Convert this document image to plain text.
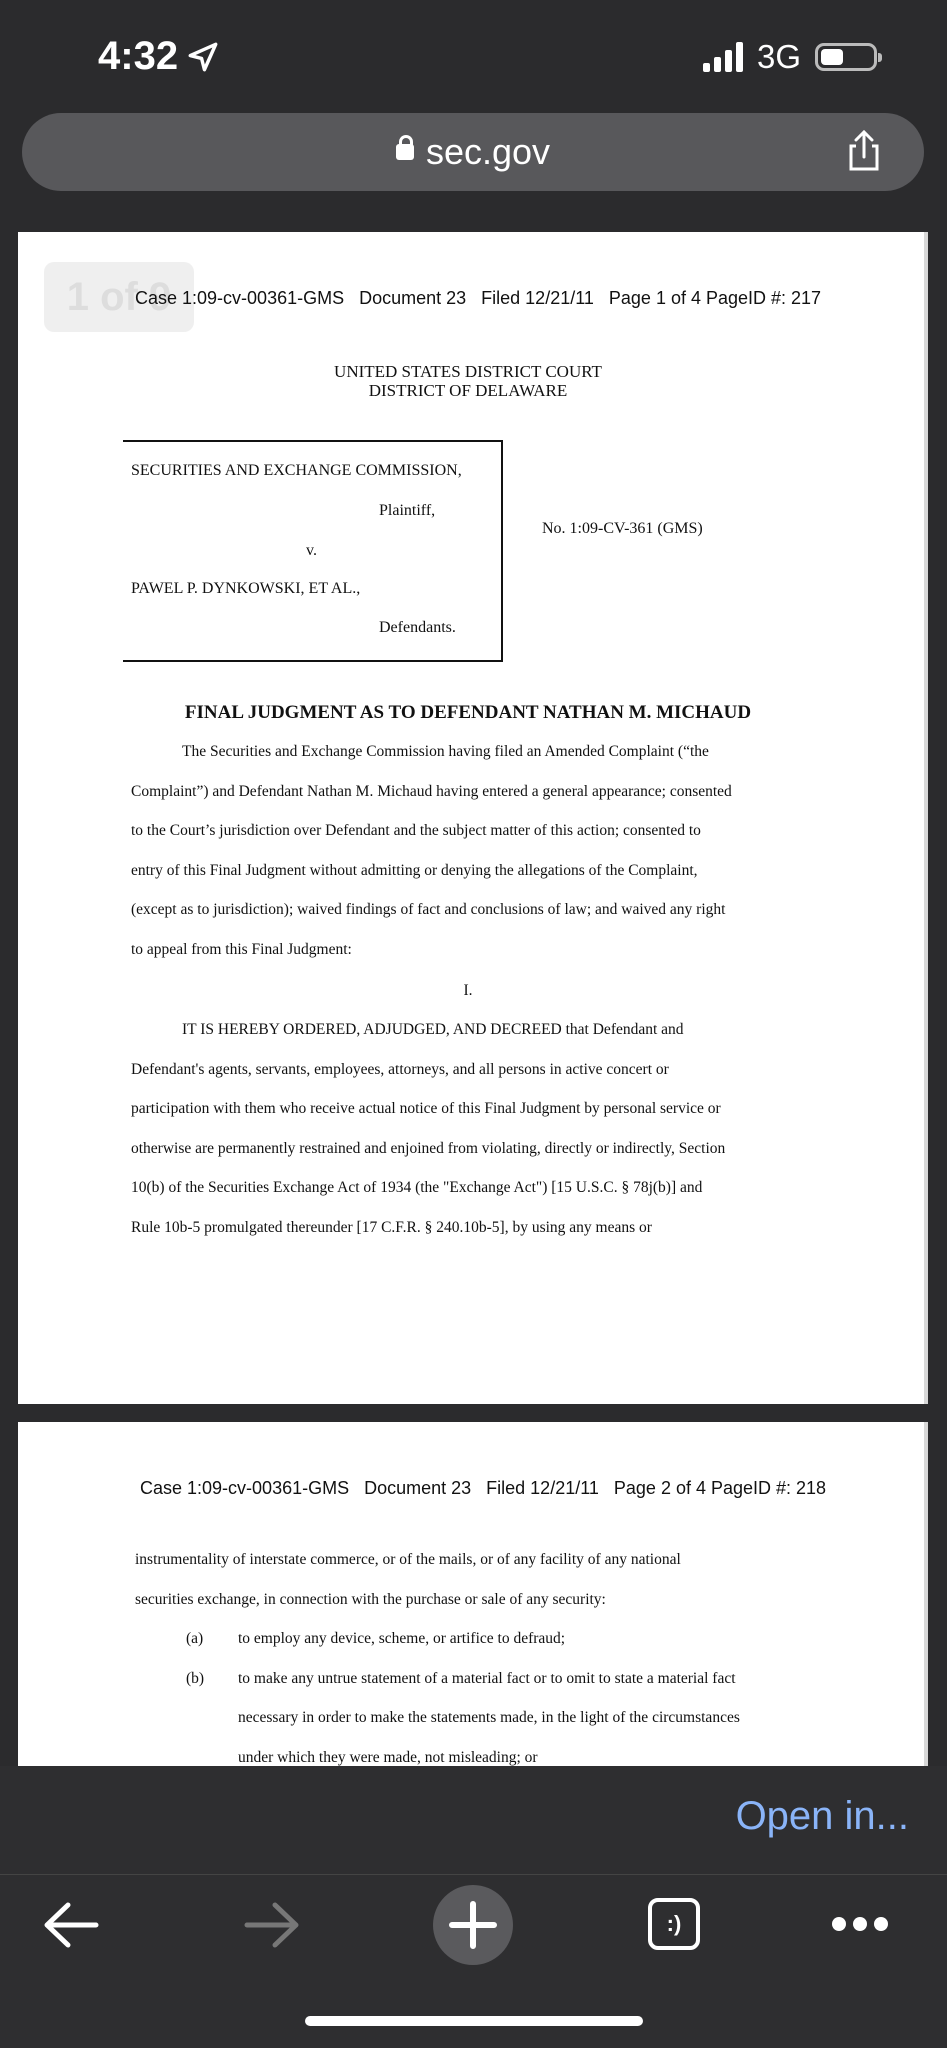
4:32	3G
sec.gov
1 of 9
Case 1:09-cv-00361-GMS   Document 23   Filed 12/21/11   Page 1 of 4 PageID #: 217
UNITED STATES DISTRICT COURT
DISTRICT OF DELAWARE
SECURITIES AND EXCHANGE COMMISSION,
Plaintiff,
v.
PAWEL P. DYNKOWSKI, ET AL.,
Defendants.
No. 1:09-CV-361 (GMS)
FINAL JUDGMENT AS TO DEFENDANT NATHAN M. MICHAUD
The Securities and Exchange Commission having filed an Amended Complaint (“the
Complaint”) and Defendant Nathan M. Michaud having entered a general appearance; consented
to the Court’s jurisdiction over Defendant and the subject matter of this action; consented to
entry of this Final Judgment without admitting or denying the allegations of the Complaint,
(except as to jurisdiction); waived findings of fact and conclusions of law; and waived any right
to appeal from this Final Judgment:
I.
IT IS HEREBY ORDERED, ADJUDGED, AND DECREED that Defendant and
Defendant's agents, servants, employees, attorneys, and all persons in active concert or
participation with them who receive actual notice of this Final Judgment by personal service or
otherwise are permanently restrained and enjoined from violating, directly or indirectly, Section
10(b) of the Securities Exchange Act of 1934 (the "Exchange Act") [15 U.S.C. § 78j(b)] and
Rule 10b-5 promulgated thereunder [17 C.F.R. § 240.10b-5], by using any means or
Case 1:09-cv-00361-GMS   Document 23   Filed 12/21/11   Page 2 of 4 PageID #: 218
instrumentality of interstate commerce, or of the mails, or of any facility of any national
securities exchange, in connection with the purchase or sale of any security:
(a) to employ any device, scheme, or artifice to defraud;
(b) to make any untrue statement of a material fact or to omit to state a material fact
necessary in order to make the statements made, in the light of the circumstances
under which they were made, not misleading; or
Open in...
:)
